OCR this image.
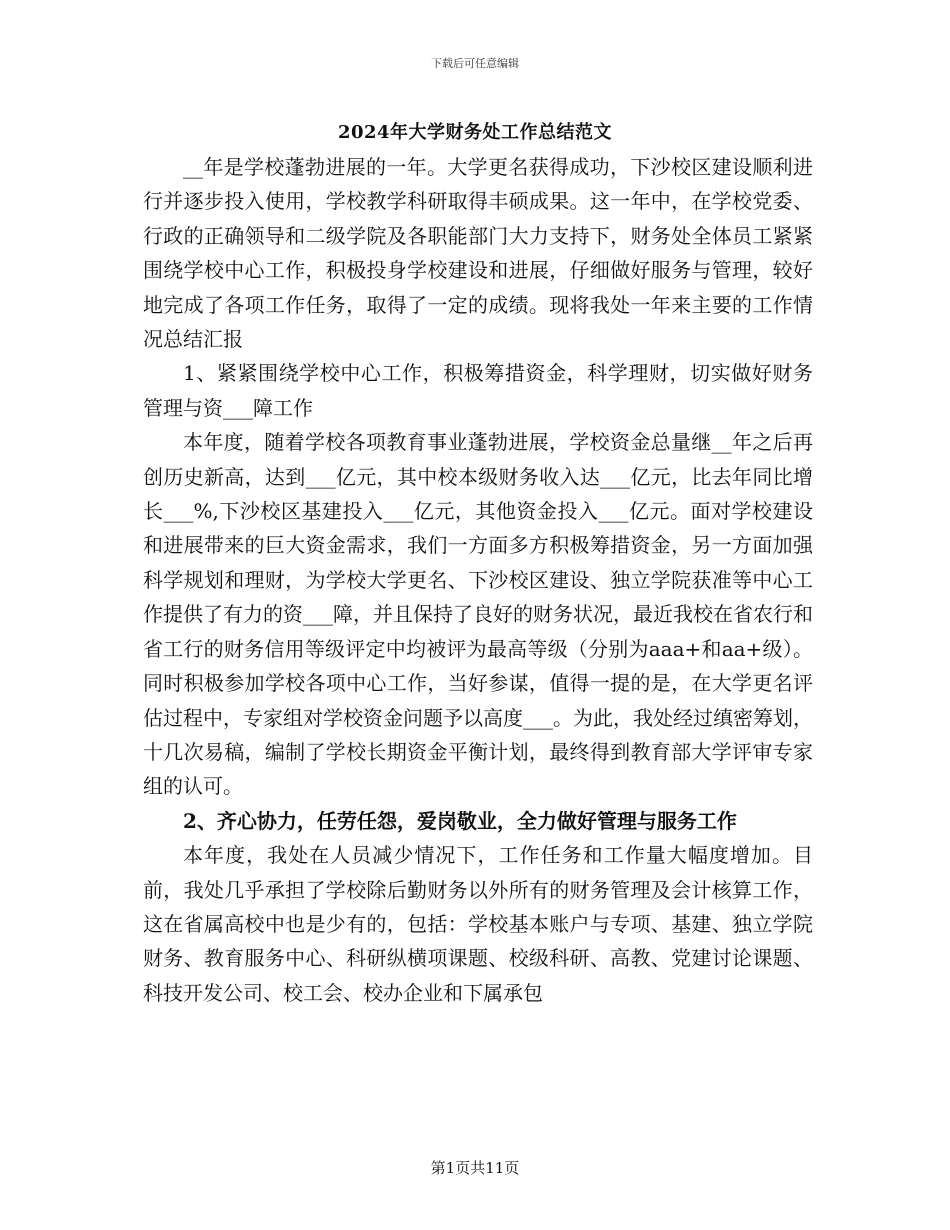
下载后可任意编辑
2024年大学财务处工作总结范文

__年是学校蓬勃进展的一年。大学更名获得成功，下沙校区建设顺利进行并逐步投入使用，学校教学科研取得丰硕成果。这一年中，在学校党委、行政的正确领导和二级学院及各职能部门大力支持下，财务处全体员工紧紧围绕学校中心工作，积极投身学校建设和进展，仔细做好服务与管理，较好地完成了各项工作任务，取得了一定的成绩。现将我处一年来主要的工作情况总结汇报

1、紧紧围绕学校中心工作，积极筹措资金，科学理财，切实做好财务管理与资___障工作

本年度，随着学校各项教育事业蓬勃进展，学校资金总量继__年之后再创历史新高，达到___亿元，其中校本级财务收入达___亿元，比去年同比增长___%,下沙校区基建投入___亿元，其他资金投入___亿元。面对学校建设和进展带来的巨大资金需求，我们一方面多方积极筹措资金，另一方面加强科学规划和理财，为学校大学更名、下沙校区建设、独立学院获准等中心工作提供了有力的资___障，并且保持了良好的财务状况，最近我校在省农行和省工行的财务信用等级评定中均被评为最高等级（分别为aaa+和aa+级）。同时积极参加学校各项中心工作，当好参谋，值得一提的是，在大学更名评估过程中，专家组对学校资金问题予以高度___。为此，我处经过缜密筹划，十几次易稿，编制了学校长期资金平衡计划，最终得到教育部大学评审专家组的认可。

2、齐心协力，任劳任怨，爱岗敬业，全力做好管理与服务工作

本年度，我处在人员减少情况下，工作任务和工作量大幅度增加。目前，我处几乎承担了学校除后勤财务以外所有的财务管理及会计核算工作，这在省属高校中也是少有的，包括：学校基本账户与专项、基建、独立学院财务、教育服务中心、科研纵横项课题、校级科研、高教、党建讨论课题、科技开发公司、校工会、校办企业和下属承包

第1页共11页
